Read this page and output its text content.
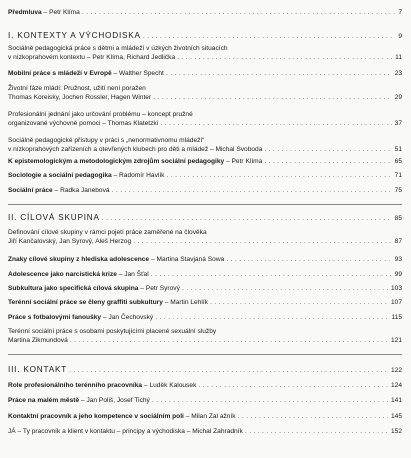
Předmluva – Petr Klíma . . .	7
I. KONTEXTY A VÝCHODISKA . . .	9
Sociálně pedagogická práce s dětmi a mládeží v úzkých životních situacích
v nízkoprahovém kontextu – Petr Klíma, Richard Jedlička . . .	11
Mobilní práce s mládeží v Evropě – Walther Specht . . .	23
Životní fáze mládí: Pružnost, užití není poražen
Thomas Koreisky, Jochen Rossler, Hagen Winter . . .	29
Profesionální jednání jako určování problému – koncept pružné
organizované výchovné pomoci – Thomas Klatetzki . . .	37
Sociálně pedagogické přístupy v práci s „nenormativnomu mládeží“
v nízkoprahových zařízeních a otevřených klubech pro děti a mládež – Michal Svoboda . . .	51
K epistemologickým a metodologickým zdrojům sociální pedagogiky – Petr Klíma . . .	65
Sociologie a sociální pedagogika – Radomír Havlík . . .	71
Sociální práce – Radka Janebová . . .	75
II. CÍLOVÁ SKUPINA . . .	85
Definování cílové skupiny v rámci pojetí práce zaměřené na člověka
Jiří Kančalovský, Jan Syrový, Aleš Herzog . . .	87
Znaky cílové skupiny z hlediska adolescence – Martina Stavjaná Sowa . . .	93
Adolescence jako narcistická krize – Jan Šťal . . .	99
Subkultura jako specifická cílová skupina – Petr Syrový . . .	103
Terénní sociální práce se členy graffiti subkultury – Martin Lehlík . . .	107
Práce s fotbalovými fanoušky – Jan Čechovský . . .	115
Terénní sociální práce s osobami poskytujícími placené sexuální služby
Martina Zikmundová . . .	121
III. KONTAKT . . .	122
Role profesionálního terénního pracovníka – Luděk Kalousek . . .	124
Práce na malém městě – Jan Poliš, Josef Tichý . . .	141
Kontaktní pracovník a jeho kompetence v sociálním poli – Milan Zal ažník . . .	145
JÁ – Ty pracovník a klient v kontaktu – principy a východiska – Michal Zahradník . . .	152
